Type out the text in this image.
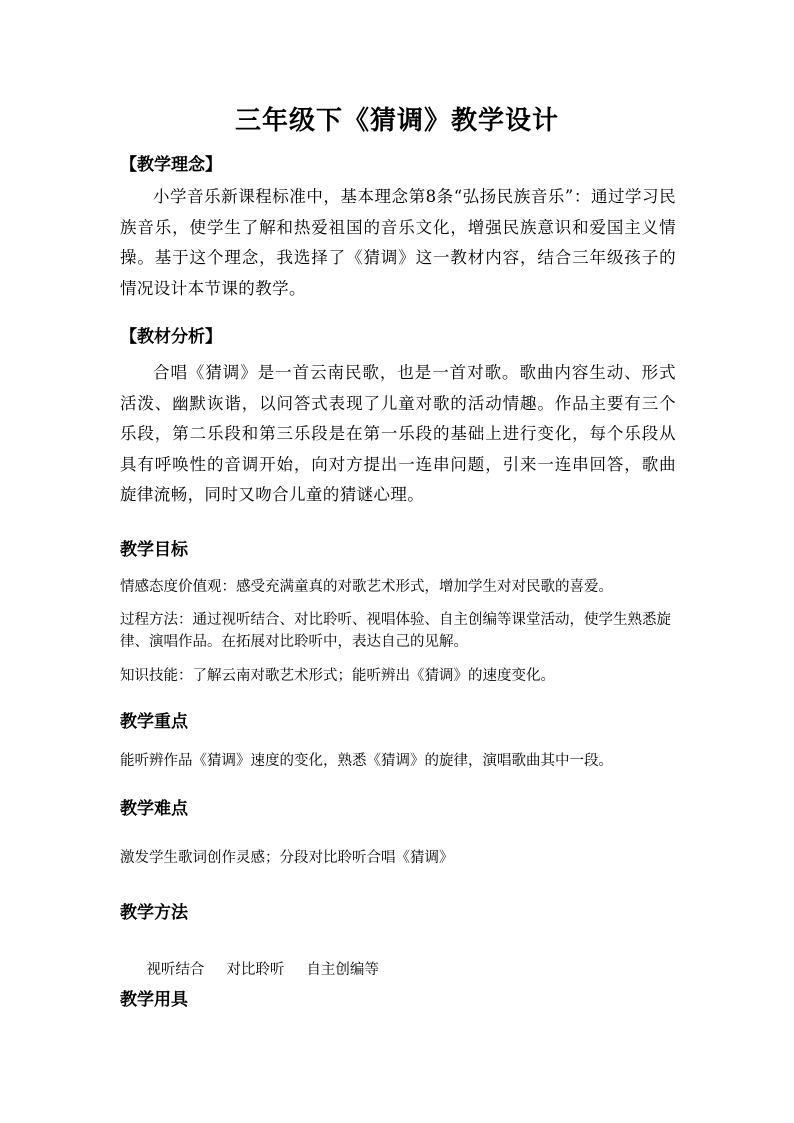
三年级下《猜调》教学设计
【教学理念】
小学音乐新课程标准中，基本理念第8条“弘扬民族音乐”：通过学习民族音乐，使学生了解和热爱祖国的音乐文化，增强民族意识和爱国主义情操。基于这个理念，我选择了《猜调》这一教材内容，结合三年级孩子的情况设计本节课的教学。
【教材分析】
合唱《猜调》是一首云南民歌，也是一首对歌。歌曲内容生动、形式活泼、幽默诙谐，以问答式表现了儿童对歌的活动情趣。作品主要有三个乐段，第二乐段和第三乐段是在第一乐段的基础上进行变化，每个乐段从具有呼唤性的音调开始，向对方提出一连串问题，引来一连串回答，歌曲旋律流畅，同时又吻合儿童的猜谜心理。
教学目标
情感态度价值观：感受充满童真的对歌艺术形式，增加学生对对民歌的喜爱。
过程方法：通过视听结合、对比聆听、视唱体验、自主创编等课堂活动，使学生熟悉旋律、演唱作品。在拓展对比聆听中，表达自己的见解。
知识技能：了解云南对歌艺术形式；能听辨出《猜调》的速度变化。
教学重点
能听辨作品《猜调》速度的变化，熟悉《猜调》的旋律，演唱歌曲其中一段。
教学难点
激发学生歌词创作灵感；分段对比聆听合唱《猜调》
教学方法

视听结合 对比聆听 自主创编等

教学用具
